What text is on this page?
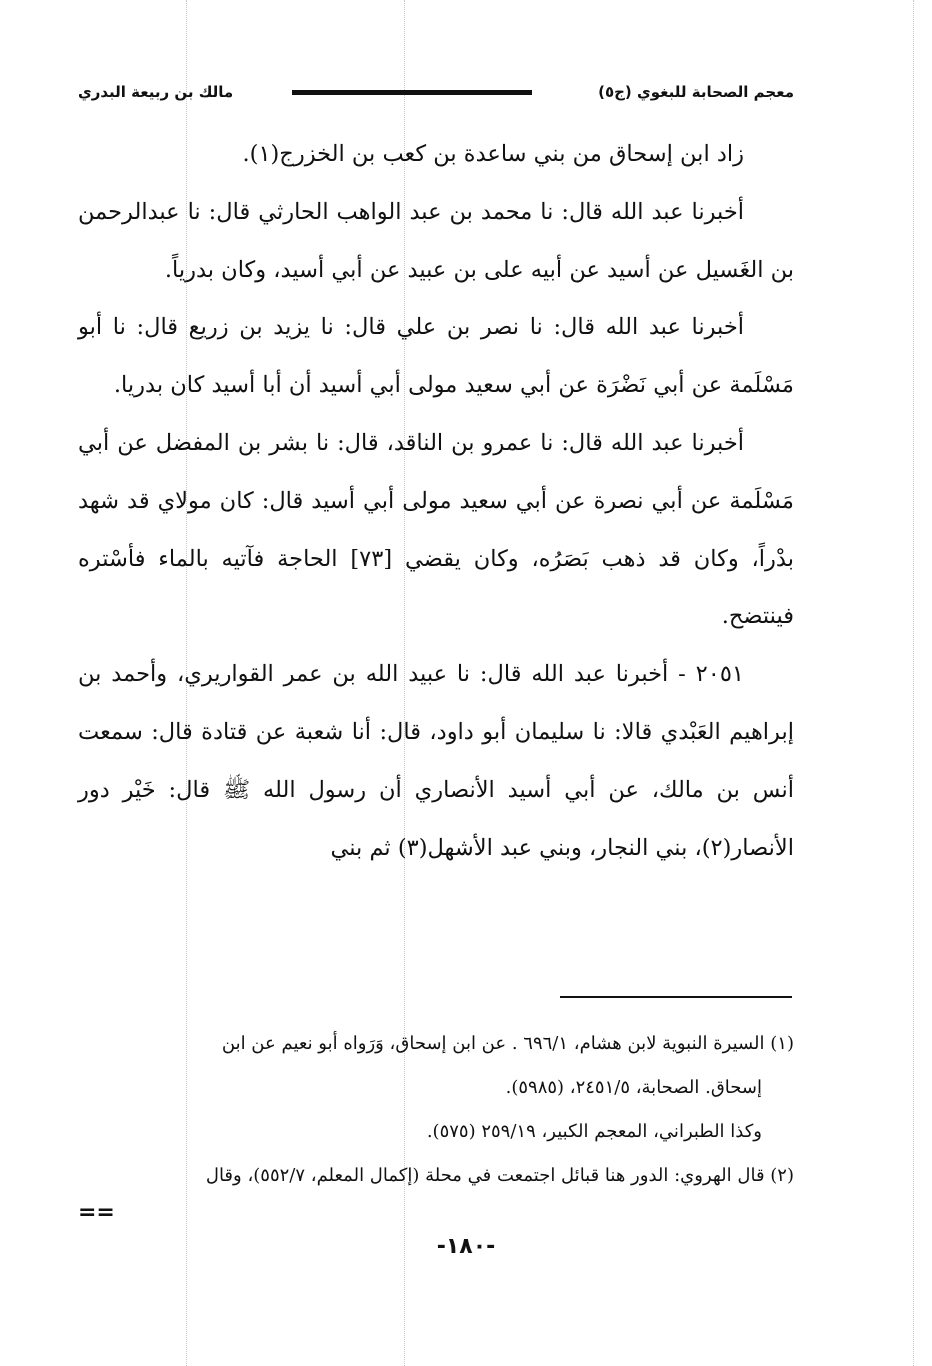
معجم الصحابة للبغوي (ج٥)
مالك بن ربيعة البدري

زاد ابن إسحاق من بني ساعدة بن كعب بن الخزرج(١).

أخبرنا عبد الله قال: نا محمد بن عبد الواهب الحارثي قال: نا عبدالرحمن بن الغَسيل عن أسيد عن أبيه على بن عبيد عن أبي أسيد، وكان بدرياً.

أخبرنا عبد الله قال: نا نصر بن علي قال: نا يزيد بن زريع قال: نا أبو مَسْلَمة عن أبي نَضْرَة عن أبي سعيد مولى أبي أسيد أن أبا أسيد كان بدريا.

أخبرنا عبد الله قال: نا عمرو بن الناقد، قال: نا بشر بن المفضل عن أبي مَسْلَمة عن أبي نصرة عن أبي سعيد مولى أبي أسيد قال: كان مولاي قد شهد بدْراً، وكان قد ذهب بَصَرُه، وكان يقضي [٧٣] الحاجة فآتيه بالماء فأسْتره فينتضح.

٢٠٥١ - أخبرنا عبد الله قال: نا عبيد الله بن عمر القواريري، وأحمد بن إبراهيم العَبْدي قالا: نا سليمان أبو داود، قال: أنا شعبة عن قتادة قال: سمعت أنس بن مالك، عن أبي أسيد الأنصاري أن رسول الله ﷺ قال: خَيْر دور الأنصار(٢)، بني النجار، وبني عبد الأشهل(٣) ثم بني

(١) السيرة النبوية لابن هشام، ٦٩٦/١ . عن ابن إسحاق، وَرَواه أبو نعيم عن ابن
إسحاق. الصحابة، ٢٤٥١/٥، (٥٩٨٥).
وكذا الطبراني، المعجم الكبير، ٢٥٩/١٩ (٥٧٥).

(٢) قال الهروي: الدور هنا قبائل اجتمعت في محلة (إكمال المعلم، ٥٥٢/٧)، وقال

==
-١٨٠-
